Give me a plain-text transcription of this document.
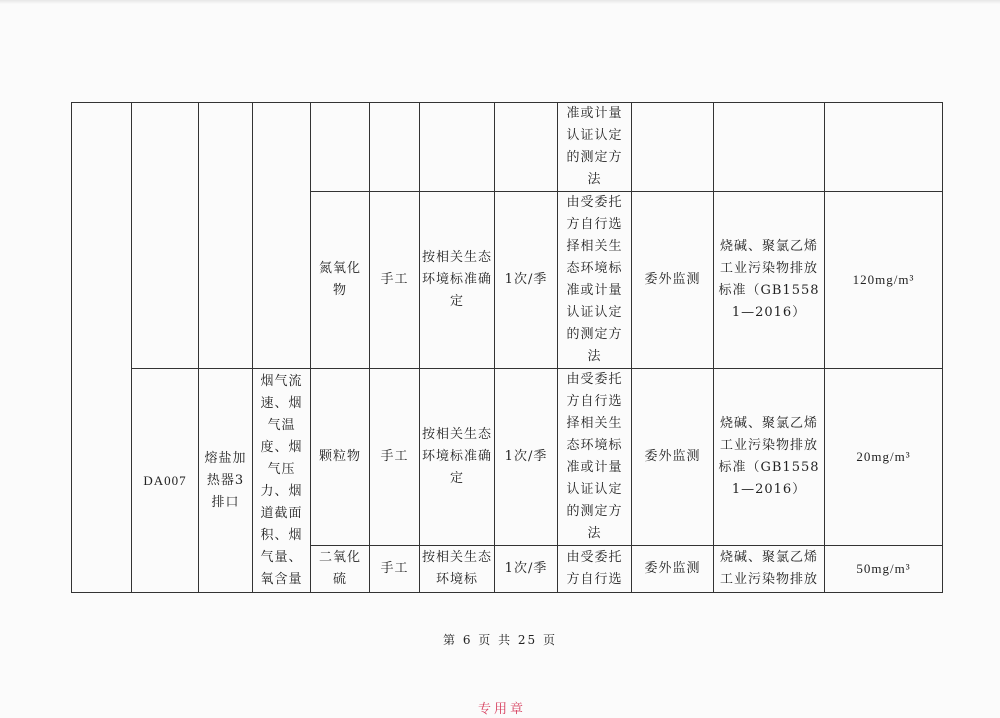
								准或计量认证认定的测定方法			
				氮氧化物	手工	按相关生态环境标准确定	1次/季	由受委托方自行选择相关生态环境标准或计量认证认定的测定方法	委外监测	烧碱、聚氯乙烯工业污染物排放标准（GB15581—2016）	120mg/m³
	DA007	熔盐加热器3排口	烟气流速、烟气温度、烟气压力、烟道截面积、烟气量、氧含量	颗粒物	手工	按相关生态环境标准确定	1次/季	由受委托方自行选择相关生态环境标准或计量认证认定的测定方法	委外监测	烧碱、聚氯乙烯工业污染物排放标准（GB15581—2016）	20mg/m³
				二氧化硫	手工	按相关生态环境标	1次/季	由受委托方自行选	委外监测	烧碱、聚氯乙烯工业污染物排放	50mg/m³
第 6 页 共 25 页
专用章
